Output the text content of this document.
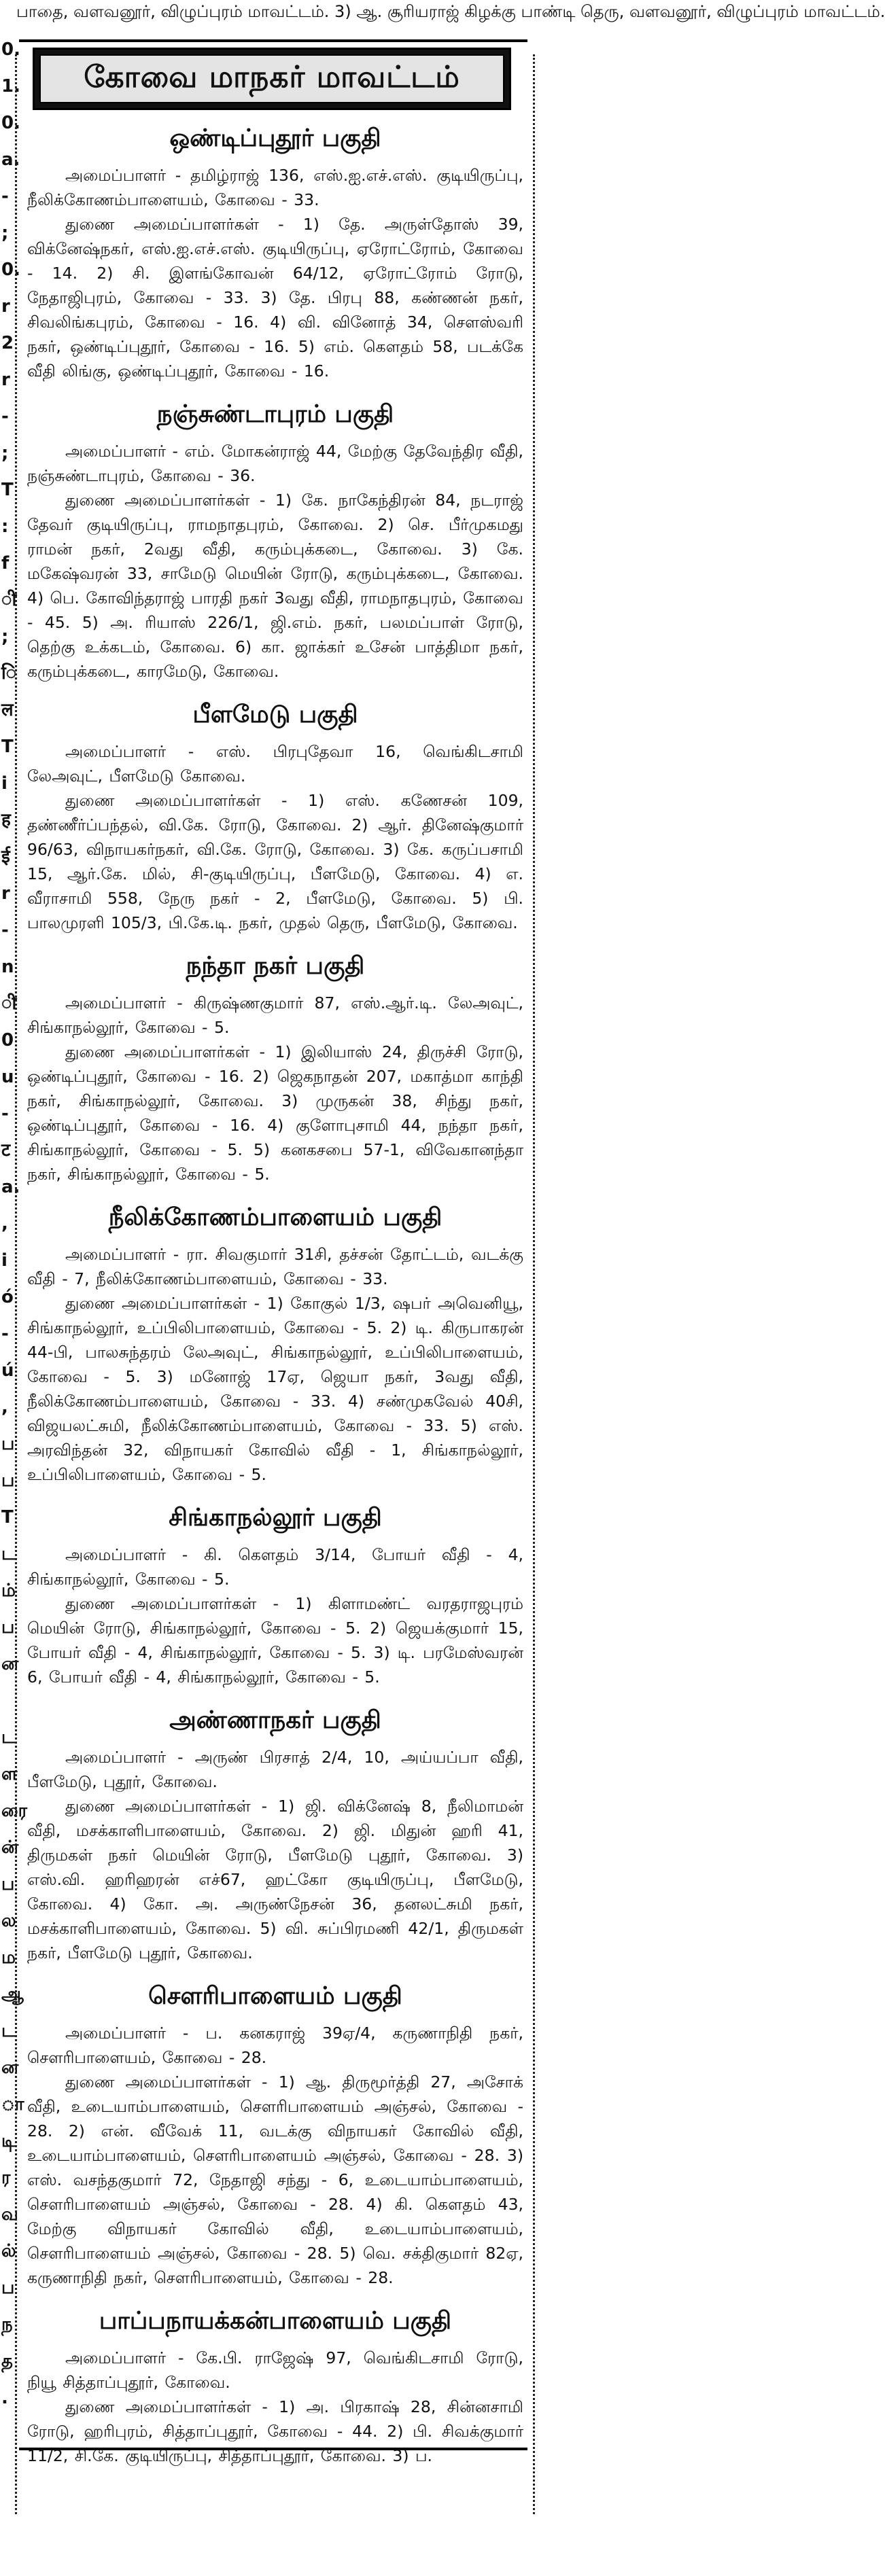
0.
1.
0.
a.
-
;
0.
r
2
r
-
;
T
:
f
ी
;
ि
ल
T
i
ह
ई
r
-
n
ी
0
u
-
ट
a.
,
i
ó
-
ú
,
ப
ப
T
ட
ம்
ப
ன
ட
ள
ரை
ன்
ப
ல
ம
ஆ
ட
ன
ா
டி
ர
வ
ல்
ப
ந
த
.
பாதை, வளவனூர், விழுப்புரம் மாவட்டம். 3) ஆ. சூரியராஜ் கிழக்கு பாண்டி தெரு, வளவனூர், விழுப்புரம் மாவட்டம்.
கோவை மாநகர் மாவட்டம்
ஒண்டிப்புதூர் பகுதி

அமைப்பாளர் - தமிழ்ராஜ் 136, எஸ்.ஐ.எச்.எஸ். குடியிருப்பு, நீலிக்கோணம்பாளையம், கோவை - 33.

துணை அமைப்பாளர்கள் - 1) தே. அருள்தோஸ் 39, விக்னேஷ்நகர், எஸ்.ஐ.எச்.எஸ். குடியிருப்பு, ஏரோட்ரோம், கோவை - 14. 2) சி. இளங்கோவன் 64/12, ஏரோட்ரோம் ரோடு, நேதாஜிபுரம், கோவை - 33. 3) தே. பிரபு 88, கண்ணன் நகர், சிவலிங்கபுரம், கோவை - 16. 4) வி. வினோத் 34, செளஸ்வரி நகர், ஒண்டிப்புதூர், கோவை - 16. 5) எம். கௌதம் 58, படக்கே வீதி லிங்கு, ஒண்டிப்புதூர், கோவை - 16.

நஞ்சுண்டாபுரம் பகுதி

அமைப்பாளர் - எம். மோகன்ராஜ் 44, மேற்கு தேவேந்திர வீதி, நஞ்சுண்டாபுரம், கோவை - 36.

துணை அமைப்பாளர்கள் - 1) கே. நாகேந்திரன் 84, நடராஜ் தேவர் குடியிருப்பு, ராமநாதபுரம், கோவை. 2) செ. பீர்முகமது ராமன் நகர், 2வது வீதி, கரும்புக்கடை, கோவை. 3) கே. மகேஷ்வரன் 33, சாமேடு மெயின் ரோடு, கரும்புக்கடை, கோவை. 4) பெ. கோவிந்தராஜ் பாரதி நகர் 3வது வீதி, ராமநாதபுரம், கோவை - 45. 5) அ. ரியாஸ் 226/1, ஜி.எம். நகர், பலமப்பாள் ரோடு, தெற்கு உக்கடம், கோவை. 6) கா. ஜாக்கர் உசேன் பாத்திமா நகர், கரும்புக்கடை, காரமேடு, கோவை.

பீளமேடு பகுதி

அமைப்பாளர் - எஸ். பிரபுதேவா 16, வெங்கிடசாமி லேஅவுட், பீளமேடு கோவை.

துணை அமைப்பாளர்கள் - 1) எஸ். கணேசன் 109, தண்ணீர்ப்பந்தல், வி.கே. ரோடு, கோவை. 2) ஆர். தினேஷ்குமார் 96/63, விநாயகர்நகர், வி.கே. ரோடு, கோவை. 3) கே. கருப்பசாமி 15, ஆர்.கே. மில், சி-குடியிருப்பு, பீளமேடு, கோவை. 4) எ. வீராசாமி 558, நேரு நகர் - 2, பீளமேடு, கோவை. 5) பி. பாலமுரளி 105/3, பி.கே.டி. நகர், முதல் தெரு, பீளமேடு, கோவை.

நந்தா நகர் பகுதி

அமைப்பாளர் - கிருஷ்ணகுமார் 87, எஸ்.ஆர்.டி. லேஅவுட், சிங்காநல்லூர், கோவை - 5.

துணை அமைப்பாளர்கள் - 1) இலியாஸ் 24, திருச்சி ரோடு, ஒண்டிப்புதூர், கோவை - 16. 2) ஜெகநாதன் 207, மகாத்மா காந்தி நகர், சிங்காநல்லூர், கோவை. 3) முருகன் 38, சிந்து நகர், ஒண்டிப்புதூர், கோவை - 16. 4) குளோபுசாமி 44, நந்தா நகர், சிங்காநல்லூர், கோவை - 5. 5) கனகசபை 57-1, விவேகானந்தா நகர், சிங்காநல்லூர், கோவை - 5.

நீலிக்கோணம்பாளையம் பகுதி

அமைப்பாளர் - ரா. சிவகுமார் 31சி, தச்சன் தோட்டம், வடக்கு வீதி - 7, நீலிக்கோணம்பாளையம், கோவை - 33.

துணை அமைப்பாளர்கள் - 1) கோகுல் 1/3, ஷபர் அவெனியூ, சிங்காநல்லூர், உப்பிலிபாளையம், கோவை - 5. 2) டி. கிருபாகரன் 44-பி, பாலசுந்தரம் லேஅவுட், சிங்காநல்லூர், உப்பிலிபாளையம், கோவை - 5. 3) மனோஜ் 17ஏ, ஜெயா நகர், 3வது வீதி, நீலிக்கோணம்பாளையம், கோவை - 33. 4) சண்முகவேல் 40சி, விஜயலட்சுமி, நீலிக்கோணம்பாளையம், கோவை - 33. 5) எஸ். அரவிந்தன் 32, விநாயகர் கோவில் வீதி - 1, சிங்காநல்லூர், உப்பிலிபாளையம், கோவை - 5.

சிங்காநல்லூர் பகுதி

அமைப்பாளர் - கி. கௌதம் 3/14, போயர் வீதி - 4, சிங்காநல்லூர், கோவை - 5.

துணை அமைப்பாளர்கள் - 1) கிளாமண்ட் வரதராஜபுரம் மெயின் ரோடு, சிங்காநல்லூர், கோவை - 5. 2) ஜெயக்குமார் 15, போயர் வீதி - 4, சிங்காநல்லூர், கோவை - 5. 3) டி. பரமேஸ்வரன் 6, போயர் வீதி - 4, சிங்காநல்லூர், கோவை - 5.

அண்ணாநகர் பகுதி

அமைப்பாளர் - அருண் பிரசாத் 2/4, 10, அய்யப்பா வீதி, பீளமேடு, புதூர், கோவை.

துணை அமைப்பாளர்கள் - 1) ஜி. விக்னேஷ் 8, நீலிமாமன் வீதி, மசக்காளிபாளையம், கோவை. 2) ஜி. மிதுன் ஹரி 41, திருமகள் நகர் மெயின் ரோடு, பீளமேடு புதூர், கோவை. 3) எஸ்.வி. ஹரிஹரன் எச்67, ஹட்கோ குடியிருப்பு, பீளமேடு, கோவை. 4) கோ. அ. அருண்நேசன் 36, தனலட்சுமி நகர், மசக்காளிபாளையம், கோவை. 5) வி. சுப்பிரமணி 42/1, திருமகள் நகர், பீளமேடு புதூர், கோவை.

சௌரிபாளையம் பகுதி

அமைப்பாளர் - ப. கனகராஜ் 39ஏ/4, கருணாநிதி நகர், சௌரிபாளையம், கோவை - 28.

துணை அமைப்பாளர்கள் - 1) ஆ. திருமூர்த்தி 27, அசோக் வீதி, உடையாம்பாளையம், சௌரிபாளையம் அஞ்சல், கோவை - 28. 2) என். வீவேக் 11, வடக்கு விநாயகர் கோவில் வீதி, உடையாம்பாளையம், சௌரிபாளையம் அஞ்சல், கோவை - 28. 3) எஸ். வசந்தகுமார் 72, நேதாஜி சந்து - 6, உடையாம்பாளையம், சௌரிபாளையம் அஞ்சல், கோவை - 28. 4) கி. கௌதம் 43, மேற்கு விநாயகர் கோவில் வீதி, உடையாம்பாளையம், சௌரிபாளையம் அஞ்சல், கோவை - 28. 5) வெ. சக்திகுமார் 82ஏ, கருணாநிதி நகர், சௌரிபாளையம், கோவை - 28.

பாப்பநாயக்கன்பாளையம் பகுதி

அமைப்பாளர் - கே.பி. ராஜேஷ் 97, வெங்கிடசாமி ரோடு, நியூ சித்தாப்புதூர், கோவை.

துணை அமைப்பாளர்கள் - 1) அ. பிரகாஷ் 28, சின்னசாமி ரோடு, ஹரிபுரம், சித்தாப்புதூர், கோவை - 44. 2) பி. சிவக்குமார் 11/2, சி.கே. குடியிருப்பு, சித்தாப்புதூர், கோவை. 3) ப.
